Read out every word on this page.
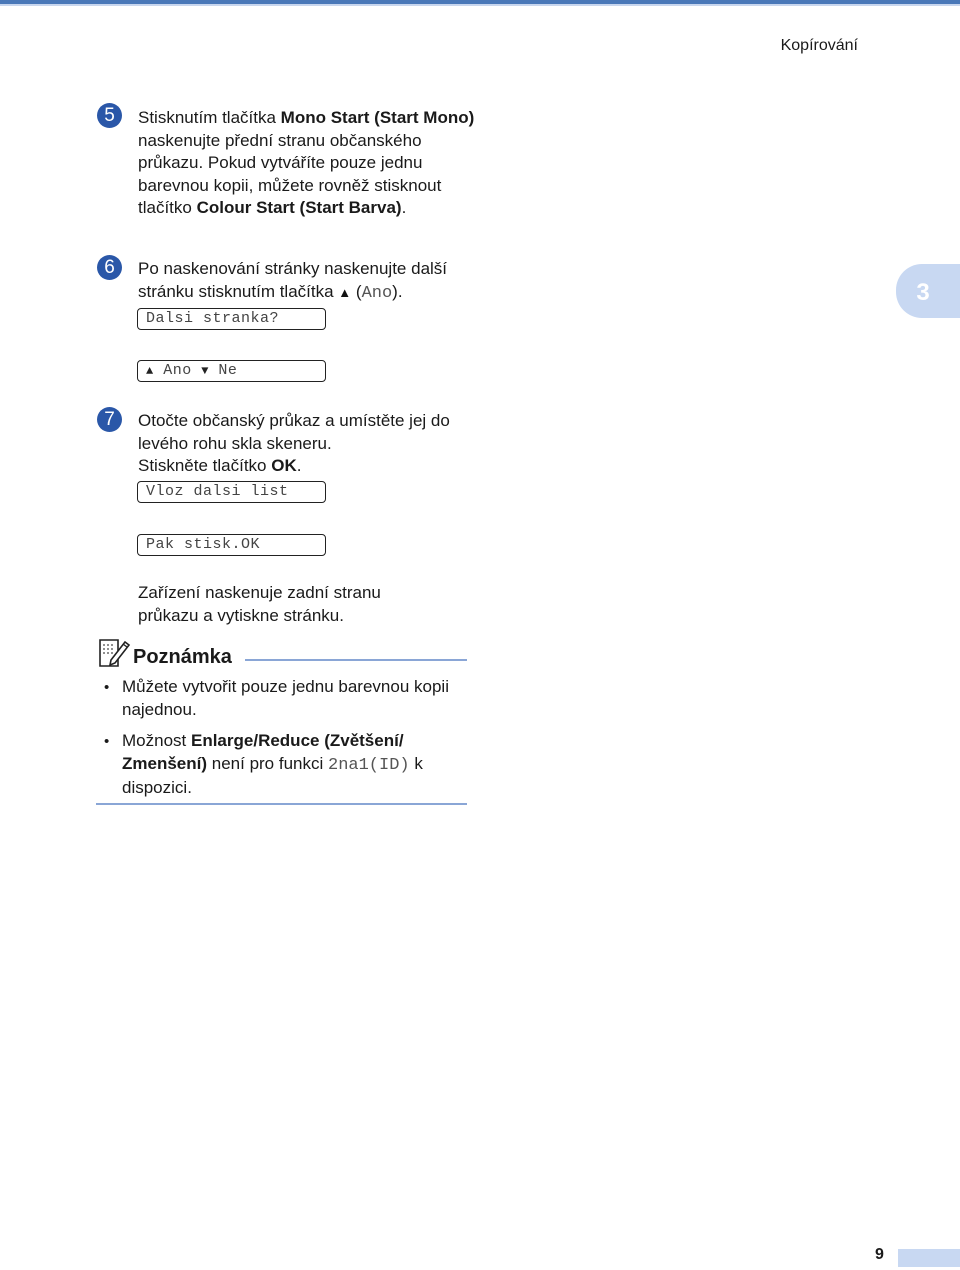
Kopírování
3
5	Stisknutím tlačítka Mono Start (Start Mono) naskenujte přední stranu občanského průkazu. Pokud vytváříte pouze jednu barevnou kopii, můžete rovněž stisknout tlačítko Colour Start (Start Barva).
6	Po naskenování stránky naskenujte další stránku stisknutím tlačítka ▲ (Ano).
Dalsi stranka?
▲ Ano ▼ Ne
7	Otočte občanský průkaz a umístěte jej do levého rohu skla skeneru.
Stiskněte tlačítko OK.
Vloz dalsi list
Pak stisk.OK
Zařízení naskenuje zadní stranu průkazu a vytiskne stránku.
Poznámka
• Můžete vytvořit pouze jednu barevnou kopii najednou.
• Možnost Enlarge/Reduce (Zvětšení/ Zmenšení) není pro funkci 2na1(ID) k dispozici.
9
